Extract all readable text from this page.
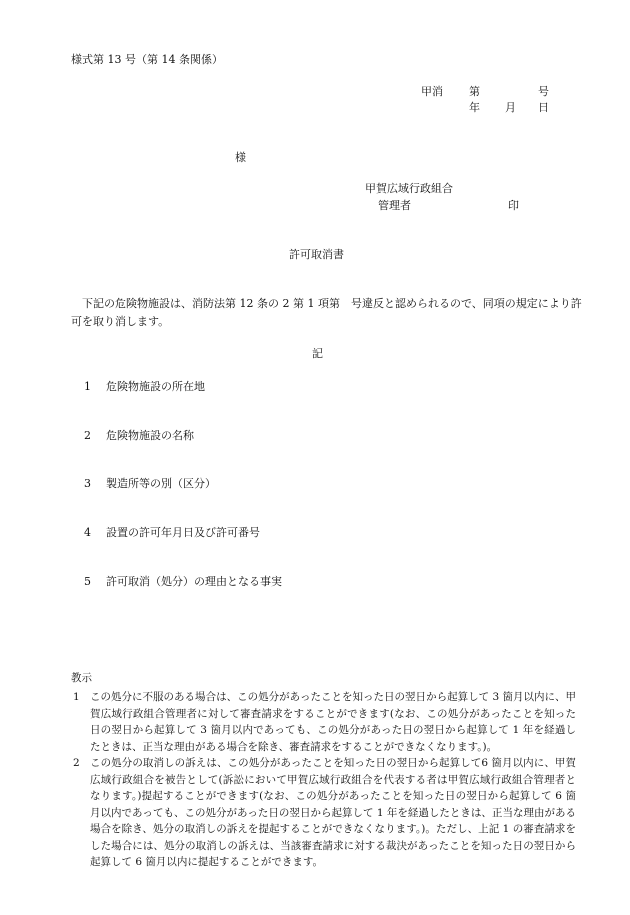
様式第 13 号（第 14 条関係）
甲消 第	号
年 月 日
様
甲賀広域行政組合
管理者	印
許可取消書
下記の危険物施設は、消防法第 12 条の 2 第 1 項第　号違反と認められるので、同項の規定により許可を取り消します。
記
1 危険物施設の所在地
2 危険物施設の名称
3 製造所等の別（区分）
4 設置の許可年月日及び許可番号
5 許可取消（処分）の理由となる事実
教示
1 この処分に不服のある場合は、この処分があったことを知った日の翌日から起算して 3 箇月以内に、甲賀広域行政組合管理者に対して審査請求をすることができます(なお、この処分があったことを知った日の翌日から起算して 3 箇月以内であっても、この処分があった日の翌日から起算して 1 年を経過したときは、正当な理由がある場合を除き、審査請求をすることができなくなります。)。
2 この処分の取消しの訴えは、この処分があったことを知った日の翌日から起算して6 箇月以内に、甲賀広域行政組合を被告として(訴訟において甲賀広域行政組合を代表する者は甲賀広域行政組合管理者となります。)提起することができます(なお、この処分があったことを知った日の翌日から起算して 6 箇月以内であっても、この処分があった日の翌日から起算して 1 年を経過したときは、正当な理由がある場合を除き、処分の取消しの訴えを提起することができなくなります。)。ただし、上記 1 の審査請求をした場合には、処分の取消しの訴えは、当該審査請求に対する裁決があったことを知った日の翌日から起算して 6 箇月以内に提起することができます。
